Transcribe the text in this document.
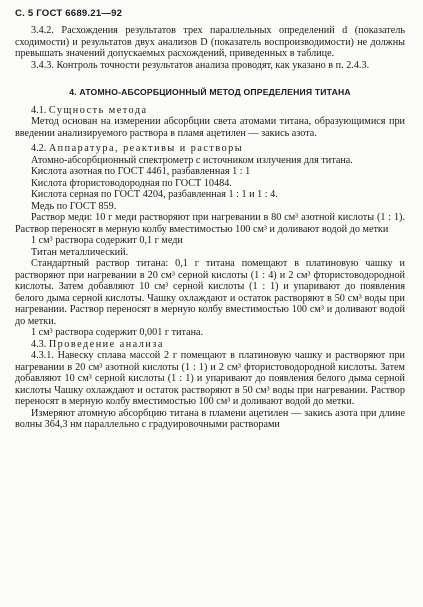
С. 5 ГОСТ 6689.21—92

3.4.2. Расхождения результатов трех параллельных определений d (показатель сходимости) и результатов двух анализов D (показатель воспроизводимости) не должны превышать значений допускаемых расхождений, приведенных в таблице.

3.4.3. Контроль точности результатов анализа проводят, как указано в п. 2.4.3.

4. АТОМНО-АБСОРБЦИОННЫЙ МЕТОД ОПРЕДЕЛЕНИЯ ТИТАНА

4.1. Сущность метода

Метод основан на измерении абсорбции света атомами титана, образующимися при введении анализируемого раствора в пламя ацетилен — закись азота.

4.2. Аппаратура, реактивы и растворы

Атомно-абсорбционный спектрометр с источником излучения для титана.

Кислота азотная по ГОСТ 4461, разбавленная 1 : 1

Кислота фтористоводородная по ГОСТ 10484.

Кислота серная по ГОСТ 4204, разбавленная 1 : 1 и 1 : 4.

Медь по ГОСТ 859.

Раствор меди: 10 г меди растворяют при нагревании в 80 см³ азотной кислоты (1 : 1). Раствор переносят в мерную колбу вместимостью 100 см³ и доливают водой до метки

1 см³ раствора содержит 0,1 г меди

Титан металлический.

Стандартный раствор титана: 0,1 г титана помещают в платиновую чашку и растворяют при нагревании в 20 см³ серной кислоты (1 : 4) и 2 см³ фтористоводородной кислоты. Затем добавляют 10 см³ серной кислоты (1 : 1) и упаривают до появления белого дыма серной кислоты. Чашку охлаждают и остаток растворяют в 50 см³ воды при нагревании. Раствор переносят в мерную колбу вместимостью 100 см³ и доливают водой до метки.

1 см³ раствора содержит 0,001 г титана.

4.3. Проведение анализа

4.3.1. Навеску сплава массой 2 г помещают в платиновую чашку и растворяют при нагревании в 20 см³ азотной кислоты (1 : 1) и 2 см³ фтористоводородной кислоты. Затем добавляют 10 см³ серной кислоты (1 : 1) и упаривают до появления белого дыма серной кислоты Чашку охлаждают и остаток растворяют в 50 см³ воды при нагревании. Раствор переносят в мерную колбу вместимостью 100 см³ и доливают водой до метки.

Измеряют атомную абсорбцию титана в пламени ацетилен — закись азота при длине волны 364,3 нм параллельно с градуировочными растворами
